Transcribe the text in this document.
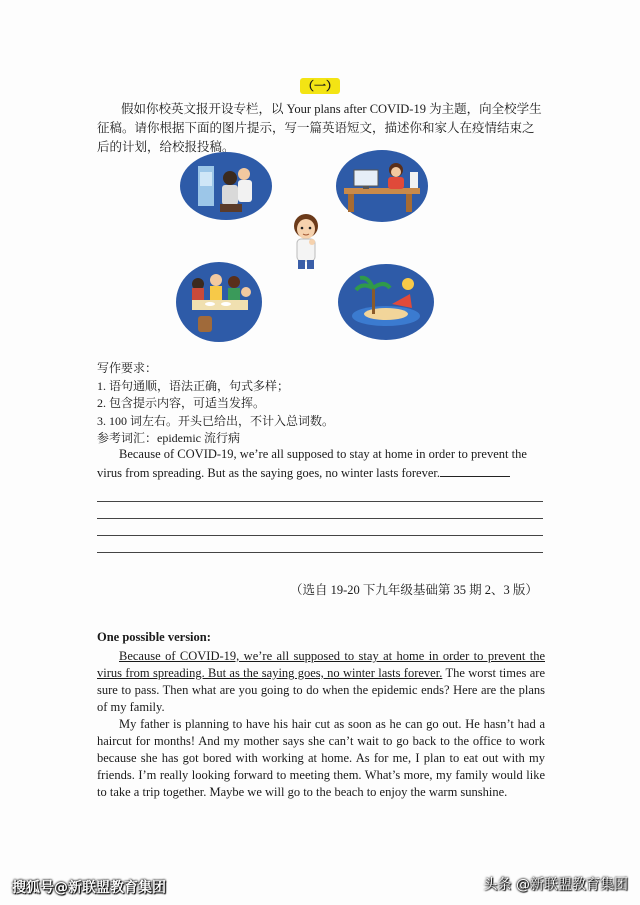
（一）
假如你校英文报开设专栏，以 Your plans after COVID-19 为主题，向全校学生征稿。请你根据下面的图片提示，写一篇英语短文，描述你和家人在疫情结束之后的计划，给校报投稿。
写作要求：
1. 语句通顺，语法正确，句式多样；
2. 包含提示内容，可适当发挥。
3. 100 词左右。开头已给出，不计入总词数。
参考词汇：epidemic 流行病
Because of COVID-19, we’re all supposed to stay at home in order to prevent the virus from spreading. But as the saying goes, no winter lasts forever.
（选自 19-20 下九年级基础第 35 期 2、3 版）
One possible version:

Because of COVID-19, we’re all supposed to stay at home in order to prevent the virus from spreading. But as the saying goes, no winter lasts forever. The worst times are sure to pass. Then what are you going to do when the epidemic ends? Here are the plans of my family.

My father is planning to have his hair cut as soon as he can go out. He hasn’t had a haircut for months! And my mother says she can’t wait to go back to the office to work because she has got bored with working at home. As for me, I plan to eat out with my friends. I’m really looking forward to meeting them. What’s more, my family would like to take a trip together. Maybe we will go to the beach to enjoy the warm sunshine.

搜狐号@新联盟教育集团	头条 @新联盟教育集团
